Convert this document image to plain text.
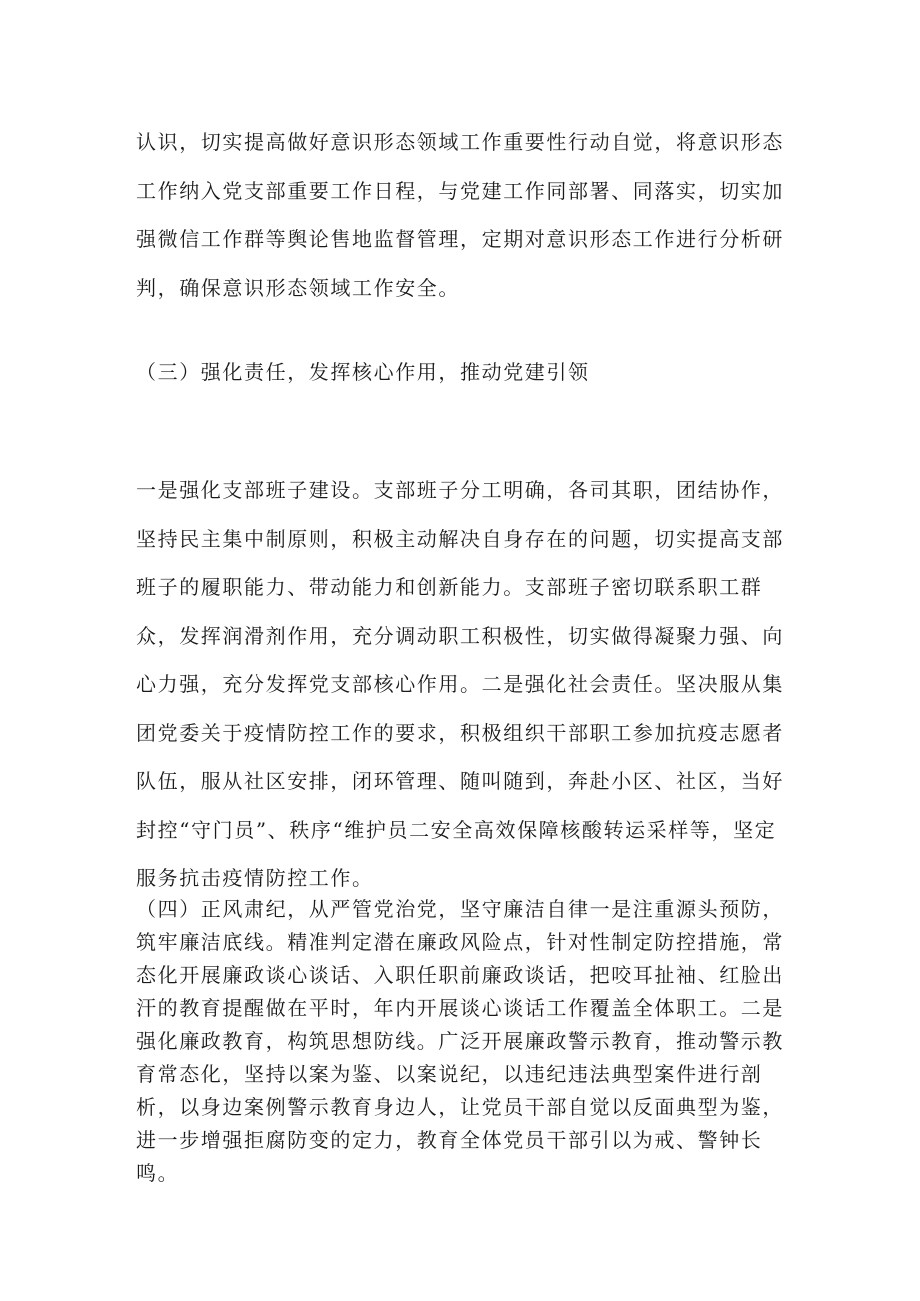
认识，切实提高做好意识形态领域工作重要性行动自觉，将意识形态工作纳入党支部重要工作日程，与党建工作同部署、同落实，切实加强微信工作群等舆论售地监督管理，定期对意识形态工作进行分析研判，确保意识形态领域工作安全。

（三）强化责任，发挥核心作用，推动党建引领

一是强化支部班子建设。支部班子分工明确，各司其职，团结协作，坚持民主集中制原则，积极主动解决自身存在的问题，切实提高支部班子的履职能力、带动能力和创新能力。支部班子密切联系职工群众，发挥润滑剂作用，充分调动职工积极性，切实做得凝聚力强、向心力强，充分发挥党支部核心作用。二是强化社会责任。坚决服从集团党委关于疫情防控工作的要求，积极组织干部职工参加抗疫志愿者队伍，服从社区安排，闭环管理、随叫随到，奔赴小区、社区，当好封控“守门员”、秩序“维护员二安全高效保障核酸转运采样等，坚定服务抗击疫情防控工作。

（四）正风肃纪，从严管党治党，坚守廉洁自律一是注重源头预防，筑牢廉洁底线。精准判定潜在廉政风险点，针对性制定防控措施，常态化开展廉政谈心谈话、入职任职前廉政谈话，把咬耳扯袖、红脸出汗的教育提醒做在平时，年内开展谈心谈话工作覆盖全体职工。二是强化廉政教育，构筑思想防线。广泛开展廉政警示教育，推动警示教育常态化，坚持以案为鉴、以案说纪，以违纪违法典型案件进行剖析，以身边案例警示教育身边人，让党员干部自觉以反面典型为鉴，进一步增强拒腐防变的定力，教育全体党员干部引以为戒、警钟长鸣。
